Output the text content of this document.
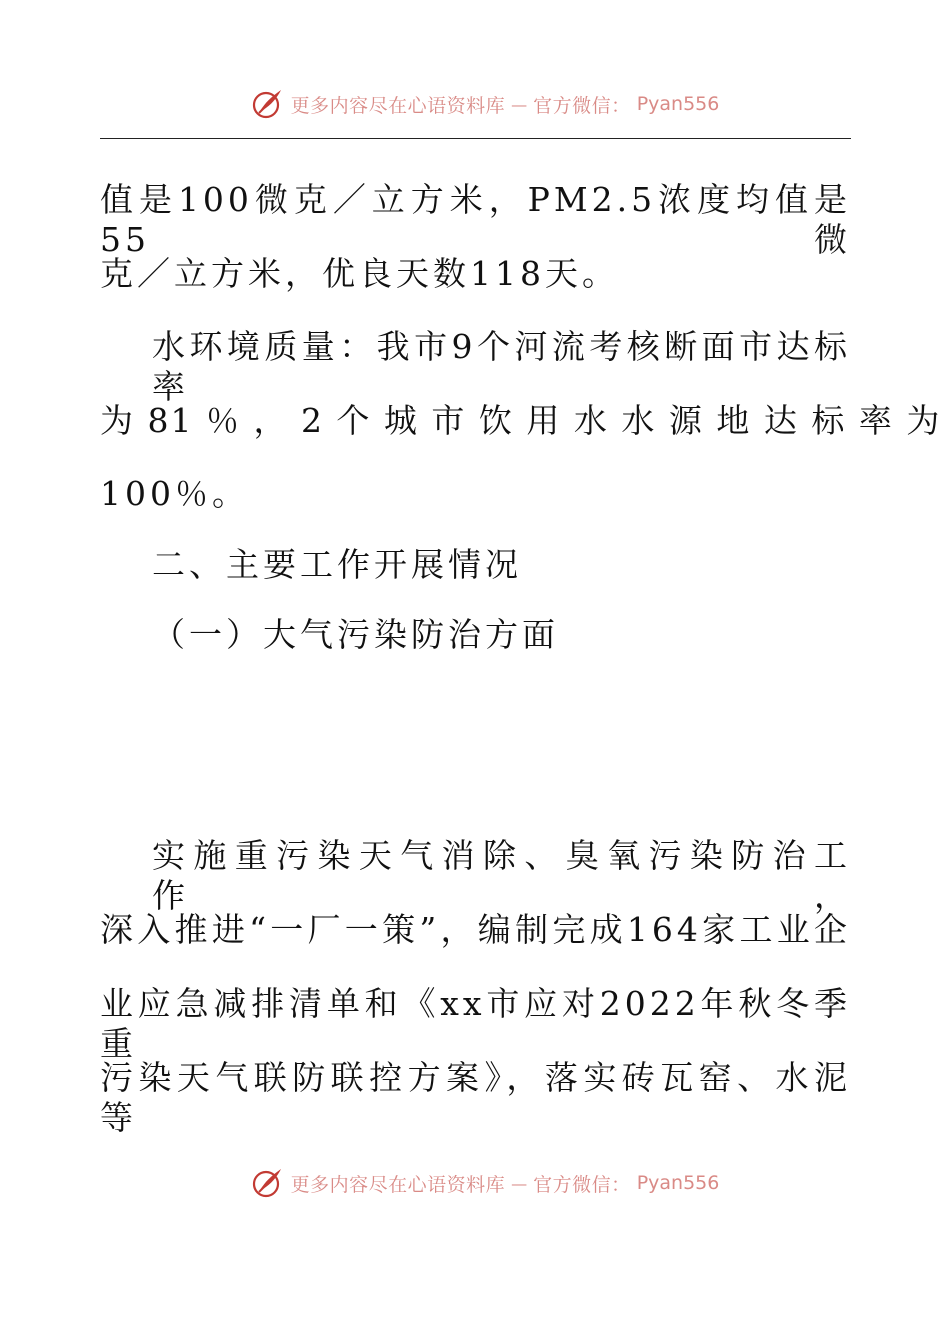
更多内容尽在心语资料库 — 官方微信： Pyan556
值是100微克／立方米，PM2.5浓度均值是55微
克／立方米，优良天数118天。
水环境质量：我市9个河流考核断面市达标率
为 81 ％ ， 2 个 城 市 饮 用 水 水 源 地 达 标 率 为
100％。
二、主要工作开展情况
（一）大气污染防治方面
实施重污染天气消除、臭氧污染防治工作，
深入推进“一厂一策”，编制完成164家工业企
业应急减排清单和《xx市应对2022年秋冬季重
污染天气联防联控方案》，落实砖瓦窑、水泥等
更多内容尽在心语资料库 — 官方微信： Pyan556
